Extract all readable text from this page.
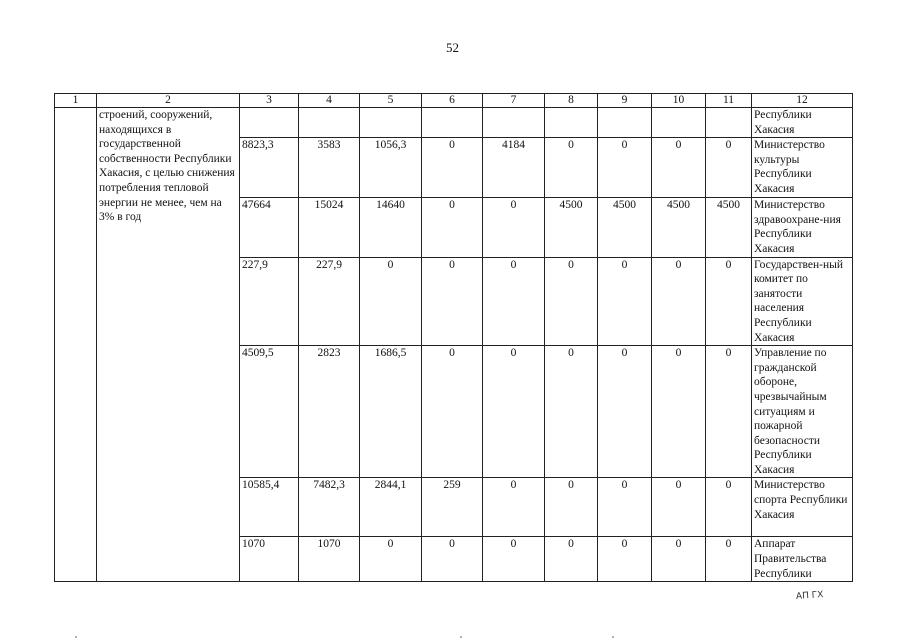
52
1	2	3	4	5	6	7	8	9	10	11	12
	строений, сооружений, находящихся в государственной собственности Республики Хакасия, с целью снижения потребления тепловой энергии не менее, чем на 3% в год										Республики Хакасия
		8823,3	3583	1056,3	0	4184	0	0	0	0	Министерство культуры Республики Хакасия
		47664	15024	14640	0	0	4500	4500	4500	4500	Министерство здравоохране-ния Республики Хакасия
		227,9	227,9	0	0	0	0	0	0	0	Государствен-ный комитет по занятости населения Республики Хакасия
		4509,5	2823	1686,5	0	0	0	0	0	0	Управление по гражданской обороне, чрезвычайным ситуациям и пожарной безопасности Республики Хакасия
		10585,4	7482,3	2844,1	259	0	0	0	0	0	Министерство спорта Республики Хакасия
		1070	1070	0	0	0	0	0	0	0	Аппарат Правительства Республики
АП ГХ
